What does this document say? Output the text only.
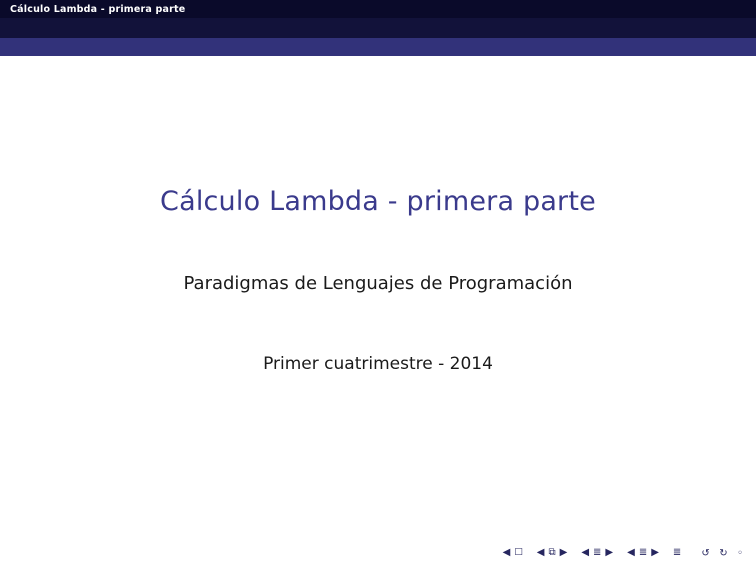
Cálculo Lambda - primera parte
Cálculo Lambda - primera parte
Paradigmas de Lenguajes de Programación
Primer cuatrimestre - 2014
◀ □ ◀ ⧉ ▶ ◀ ≣ ▶ ◀ ≣ ▶ ≣ ↺ ↻ ◦
